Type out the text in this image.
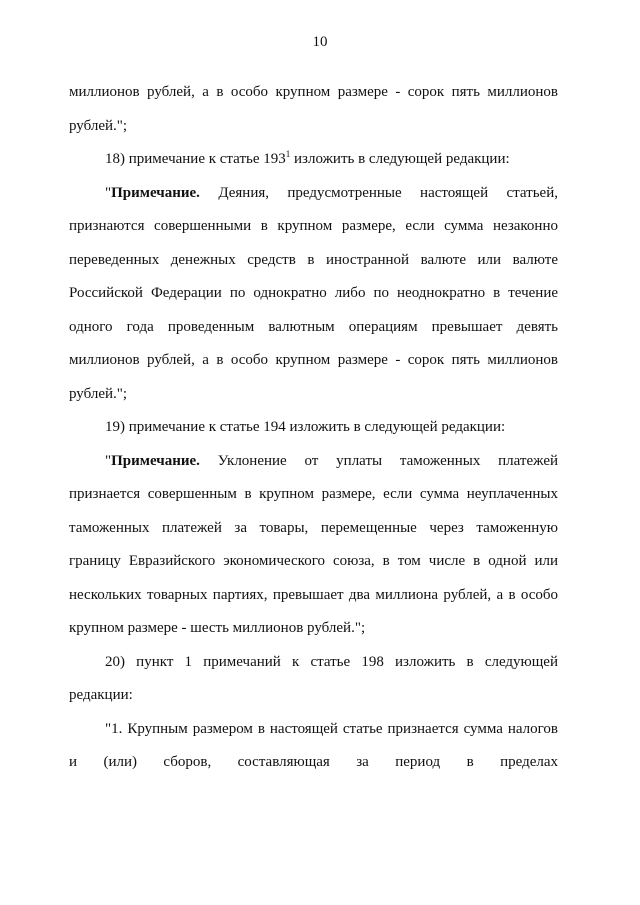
10

миллионов рублей, а в особо крупном размере - сорок пять миллионов рублей.";

18) примечание к статье $193^1$ изложить в следующей редакции:

"Примечание. Деяния, предусмотренные настоящей статьей, признаются совершенными в крупном размере, если сумма незаконно переведенных денежных средств в иностранной валюте или валюте Российской Федерации по однократно либо по неоднократно в течение одного года проведенным валютным операциям превышает девять миллионов рублей, а в особо крупном размере - сорок пять миллионов рублей.";

19) примечание к статье 194 изложить в следующей редакции:

"Примечание. Уклонение от уплаты таможенных платежей признается совершенным в крупном размере, если сумма неуплаченных таможенных платежей за товары, перемещенные через таможенную границу Евразийского экономического союза, в том числе в одной или нескольких товарных партиях, превышает два миллиона рублей, а в особо крупном размере - шесть миллионов рублей.";

20) пункт 1 примечаний к статье 198 изложить в следующей редакции:

"1. Крупным размером в настоящей статье признается сумма налогов и (или) сборов, составляющая за период в пределах
